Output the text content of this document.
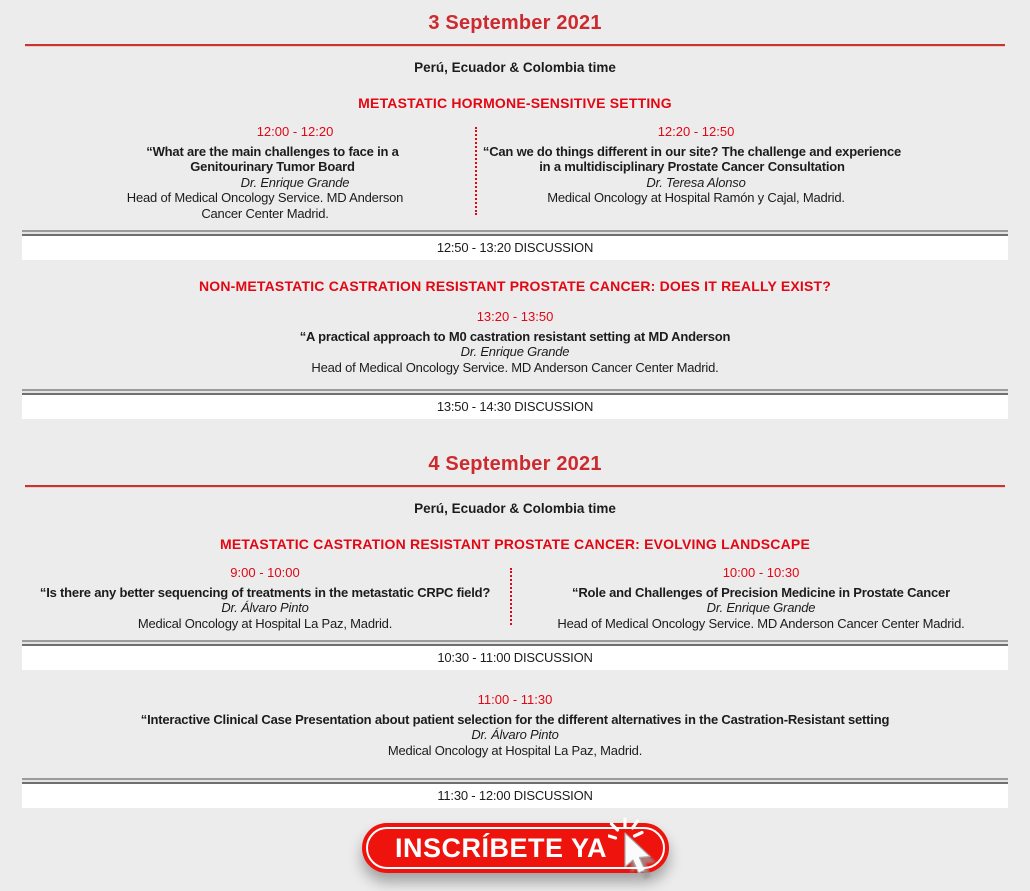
3 September 2021

Perú, Ecuador & Colombia time

METASTATIC HORMONE-SENSITIVE SETTING

12:00 - 12:20

“What are the main challenges to face in a Genitourinary Tumor Board

Dr. Enrique Grande

Head of Medical Oncology Service. MD Anderson Cancer Center Madrid.

12:20 - 12:50

“Can we do things different in our site? The challenge and experience in a multidisciplinary Prostate Cancer Consultation

Dr. Teresa Alonso

Medical Oncology at Hospital Ramón y Cajal, Madrid.

12:50 - 13:20 DISCUSSION
NON-METASTATIC CASTRATION RESISTANT PROSTATE CANCER: DOES IT REALLY EXIST?

13:20 - 13:50

“A practical approach to M0 castration resistant setting at MD Anderson

Dr. Enrique Grande

Head of Medical Oncology Service. MD Anderson Cancer Center Madrid.

13:50 - 14:30 DISCUSSION
4 September 2021

Perú, Ecuador & Colombia time

METASTATIC CASTRATION RESISTANT PROSTATE CANCER: EVOLVING LANDSCAPE

9:00 - 10:00

“Is there any better sequencing of treatments in the metastatic CRPC field?

Dr. Álvaro Pinto

Medical Oncology at Hospital La Paz, Madrid.

10:00 - 10:30

“Role and Challenges of Precision Medicine in Prostate Cancer

Dr. Enrique Grande

Head of Medical Oncology Service. MD Anderson Cancer Center Madrid.

10:30 - 11:00 DISCUSSION

11:00 - 11:30

“Interactive Clinical Case Presentation about patient selection for the different alternatives in the Castration-Resistant setting

Dr. Álvaro Pinto

Medical Oncology at Hospital La Paz, Madrid.

11:30 - 12:00 DISCUSSION
INSCRÍBETE YA
